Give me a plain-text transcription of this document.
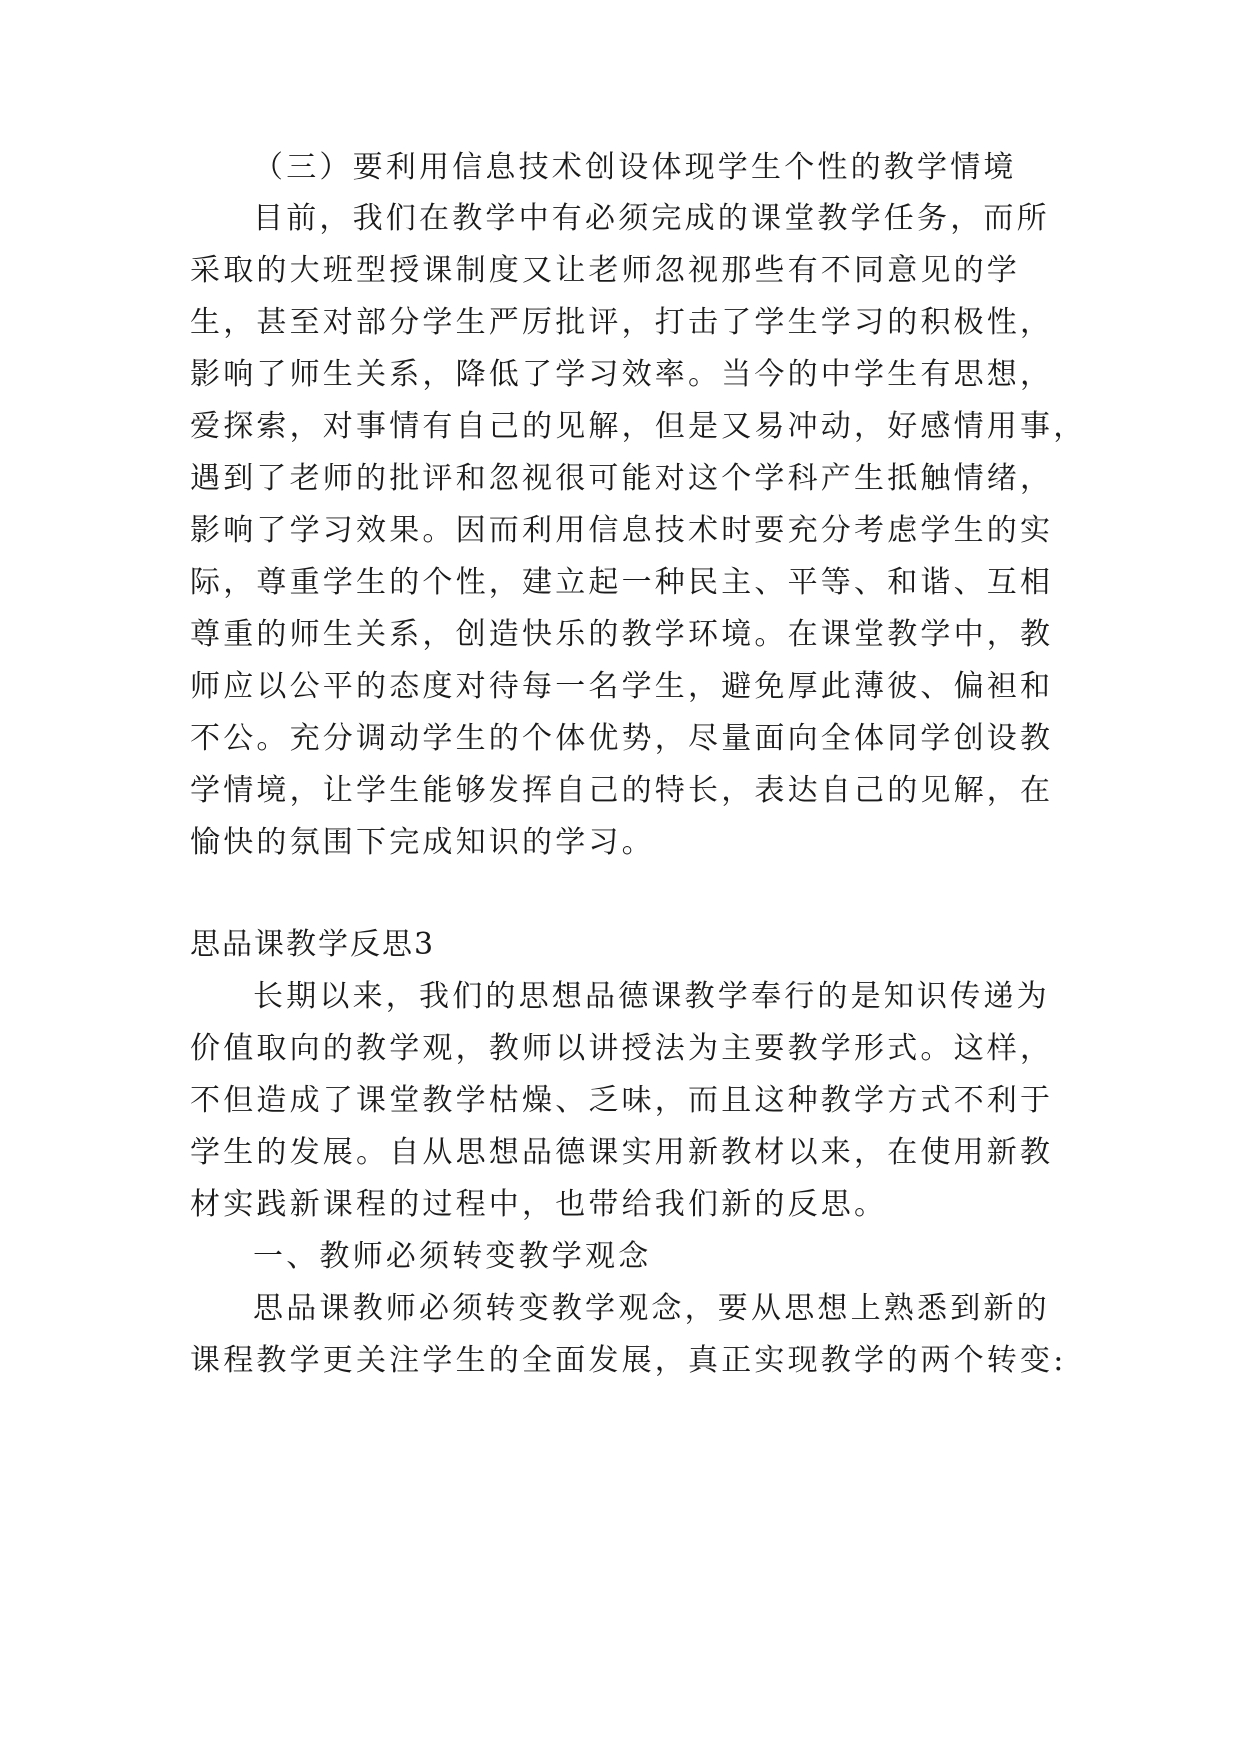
（三）要利用信息技术创设体现学生个性的教学情境
目前，我们在教学中有必须完成的课堂教学任务，而所
采取的大班型授课制度又让老师忽视那些有不同意见的学
生，甚至对部分学生严厉批评，打击了学生学习的积极性，
影响了师生关系，降低了学习效率。当今的中学生有思想，
爱探索，对事情有自己的见解，但是又易冲动，好感情用事，
遇到了老师的批评和忽视很可能对这个学科产生抵触情绪，
影响了学习效果。因而利用信息技术时要充分考虑学生的实
际，尊重学生的个性，建立起一种民主、平等、和谐、互相
尊重的师生关系，创造快乐的教学环境。在课堂教学中，教
师应以公平的态度对待每一名学生，避免厚此薄彼、偏袒和
不公。充分调动学生的个体优势，尽量面向全体同学创设教
学情境，让学生能够发挥自己的特长，表达自己的见解，在
愉快的氛围下完成知识的学习。
思品课教学反思3
长期以来，我们的思想品德课教学奉行的是知识传递为
价值取向的教学观，教师以讲授法为主要教学形式。这样，
不但造成了课堂教学枯燥、乏味，而且这种教学方式不利于
学生的发展。自从思想品德课实用新教材以来，在使用新教
材实践新课程的过程中，也带给我们新的反思。
一、教师必须转变教学观念
思品课教师必须转变教学观念，要从思想上熟悉到新的
课程教学更关注学生的全面发展，真正实现教学的两个转变:
